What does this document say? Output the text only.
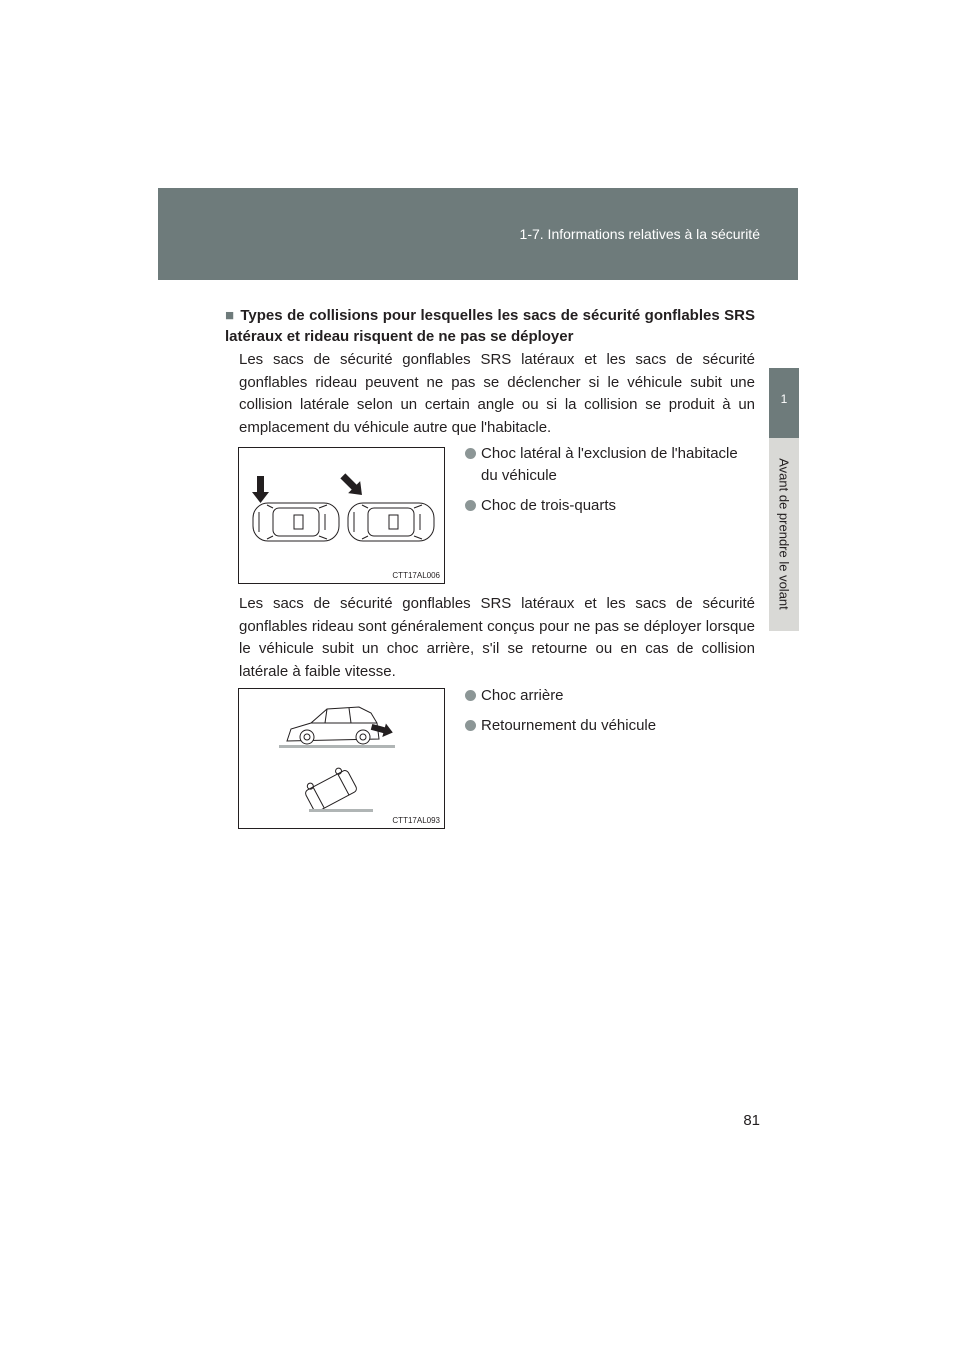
1-7. Informations relatives à la sécurité
1
Avant de prendre le volant
■ Types de collisions pour lesquelles les sacs de sécurité gonflables SRS latéraux et rideau risquent de ne pas se déployer
Les sacs de sécurité gonflables SRS latéraux et les sacs de sécurité gonflables rideau peuvent ne pas se déclencher si le véhicule subit une collision latérale selon un certain angle ou si la collision se produit à un emplacement du véhicule autre que l'habitacle.
CTT17AL006
Choc latéral à l'exclusion de l'habitacle du véhicule
Choc de trois-quarts
Les sacs de sécurité gonflables SRS latéraux et les sacs de sécurité gonflables rideau sont généralement conçus pour ne pas se déployer lorsque le véhicule subit un choc arrière, s'il se retourne ou en cas de collision latérale à faible vitesse.
CTT17AL093
Choc arrière
Retournement du véhicule
81
